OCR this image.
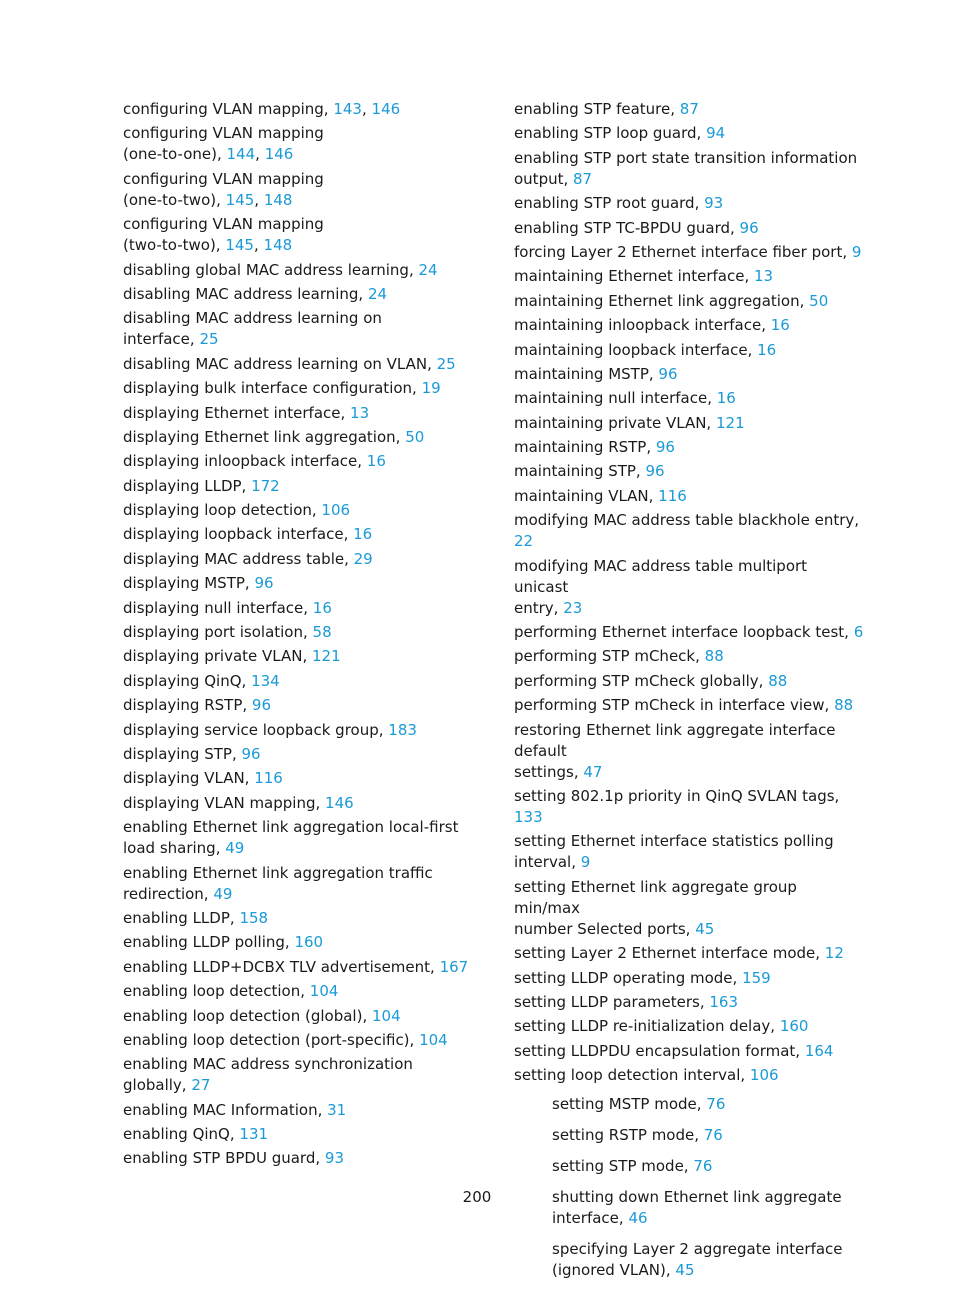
configuring VLAN mapping, 143, 146
configuring VLAN mapping
(one-to-one), 144, 146
configuring VLAN mapping
(one-to-two), 145, 148
configuring VLAN mapping
(two-to-two), 145, 148
disabling global MAC address learning, 24
disabling MAC address learning, 24
disabling MAC address learning on
interface, 25
disabling MAC address learning on VLAN, 25
displaying bulk interface configuration, 19
displaying Ethernet interface, 13
displaying Ethernet link aggregation, 50
displaying inloopback interface, 16
displaying LLDP, 172
displaying loop detection, 106
displaying loopback interface, 16
displaying MAC address table, 29
displaying MSTP, 96
displaying null interface, 16
displaying port isolation, 58
displaying private VLAN, 121
displaying QinQ, 134
displaying RSTP, 96
displaying service loopback group, 183
displaying STP, 96
displaying VLAN, 116
displaying VLAN mapping, 146
enabling Ethernet link aggregation local-first
load sharing, 49
enabling Ethernet link aggregation traffic
redirection, 49
enabling LLDP, 158
enabling LLDP polling, 160
enabling LLDP+DCBX TLV advertisement, 167
enabling loop detection, 104
enabling loop detection (global), 104
enabling loop detection (port-specific), 104
enabling MAC address synchronization
globally, 27
enabling MAC Information, 31
enabling QinQ, 131
enabling STP BPDU guard, 93
enabling STP feature, 87
enabling STP loop guard, 94
enabling STP port state transition information
output, 87
enabling STP root guard, 93
enabling STP TC-BPDU guard, 96
forcing Layer 2 Ethernet interface fiber port, 9
maintaining Ethernet interface, 13
maintaining Ethernet link aggregation, 50
maintaining inloopback interface, 16
maintaining loopback interface, 16
maintaining MSTP, 96
maintaining null interface, 16
maintaining private VLAN, 121
maintaining RSTP, 96
maintaining STP, 96
maintaining VLAN, 116
modifying MAC address table blackhole entry, 22
modifying MAC address table multiport unicast
entry, 23
performing Ethernet interface loopback test, 6
performing STP mCheck, 88
performing STP mCheck globally, 88
performing STP mCheck in interface view, 88
restoring Ethernet link aggregate interface default
settings, 47
setting 802.1p priority in QinQ SVLAN tags, 133
setting Ethernet interface statistics polling interval, 9
setting Ethernet link aggregate group min/max
number Selected ports, 45
setting Layer 2 Ethernet interface mode, 12
setting LLDP operating mode, 159
setting LLDP parameters, 163
setting LLDP re-initialization delay, 160
setting LLDPDU encapsulation format, 164
setting loop detection interval, 106
setting MSTP mode, 76
setting RSTP mode, 76
setting STP mode, 76
shutting down Ethernet link aggregate
interface, 46
specifying Layer 2 aggregate interface
(ignored VLAN), 45
200
